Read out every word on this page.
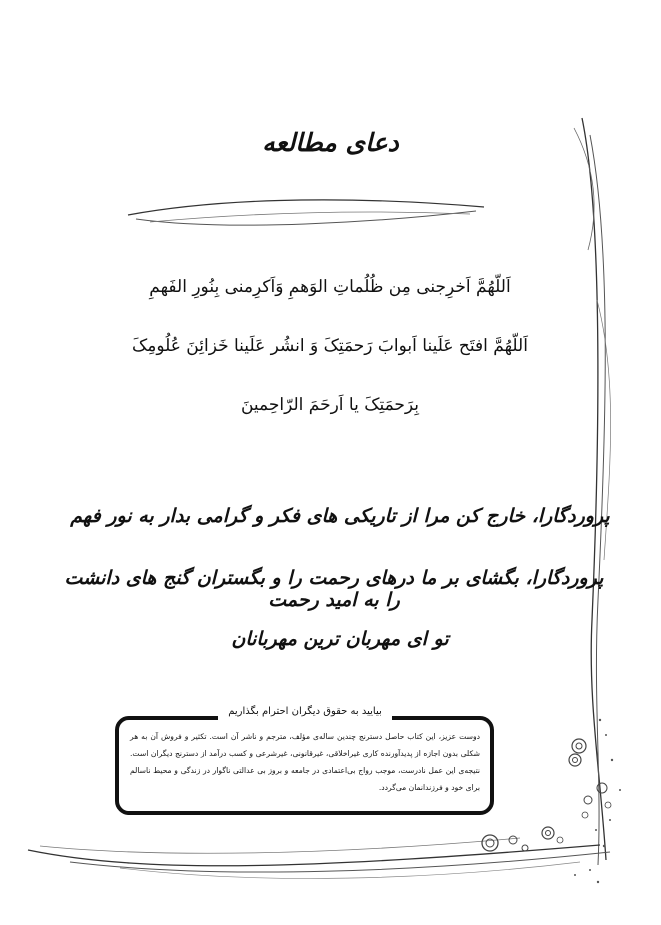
دعای مطالعه
اَللّهُمَّ اَخرِجنی مِن ظُلُماتِ الوَهمِ وَاَکرِمنی بِنُورِ الفَهمِ
اَللّهُمَّ افتَح عَلَینا اَبوابَ رَحمَتِکَ وَ انشُر عَلَینا خَزائِنَ عُلُومِکَ
بِرَحمَتِکَ یا اَرحَمَ الرّاحِمینَ
پروردگارا، خارج کن مرا از تاریکی های فکر و گرامی بدار به نور فهم
پروردگارا، بگشای بر ما درهای رحمت را و بگستران گنج های دانشت را به امید رحمت
تو ای مهربان ترین مهربانان
بیایید به حقوق دیگران احترام بگذاریم
دوست عزیز، این کتاب حاصل دسترنج چندین ساله‌ی مؤلف، مترجم و ناشر آن است. تکثیر و فروش آن به هر شکلی بدون اجازه از پدیدآورنده کاری غیراخلاقی، غیرقانونی، غیرشرعی و کسب درآمد از دسترنج دیگران است. نتیجه‌ی این عمل نادرست، موجب رواج بی‌اعتمادی در جامعه و بروز بی عدالتی ناگوار در زندگی و محیط ناسالم برای خود و فرزندانمان می‌گردد.
